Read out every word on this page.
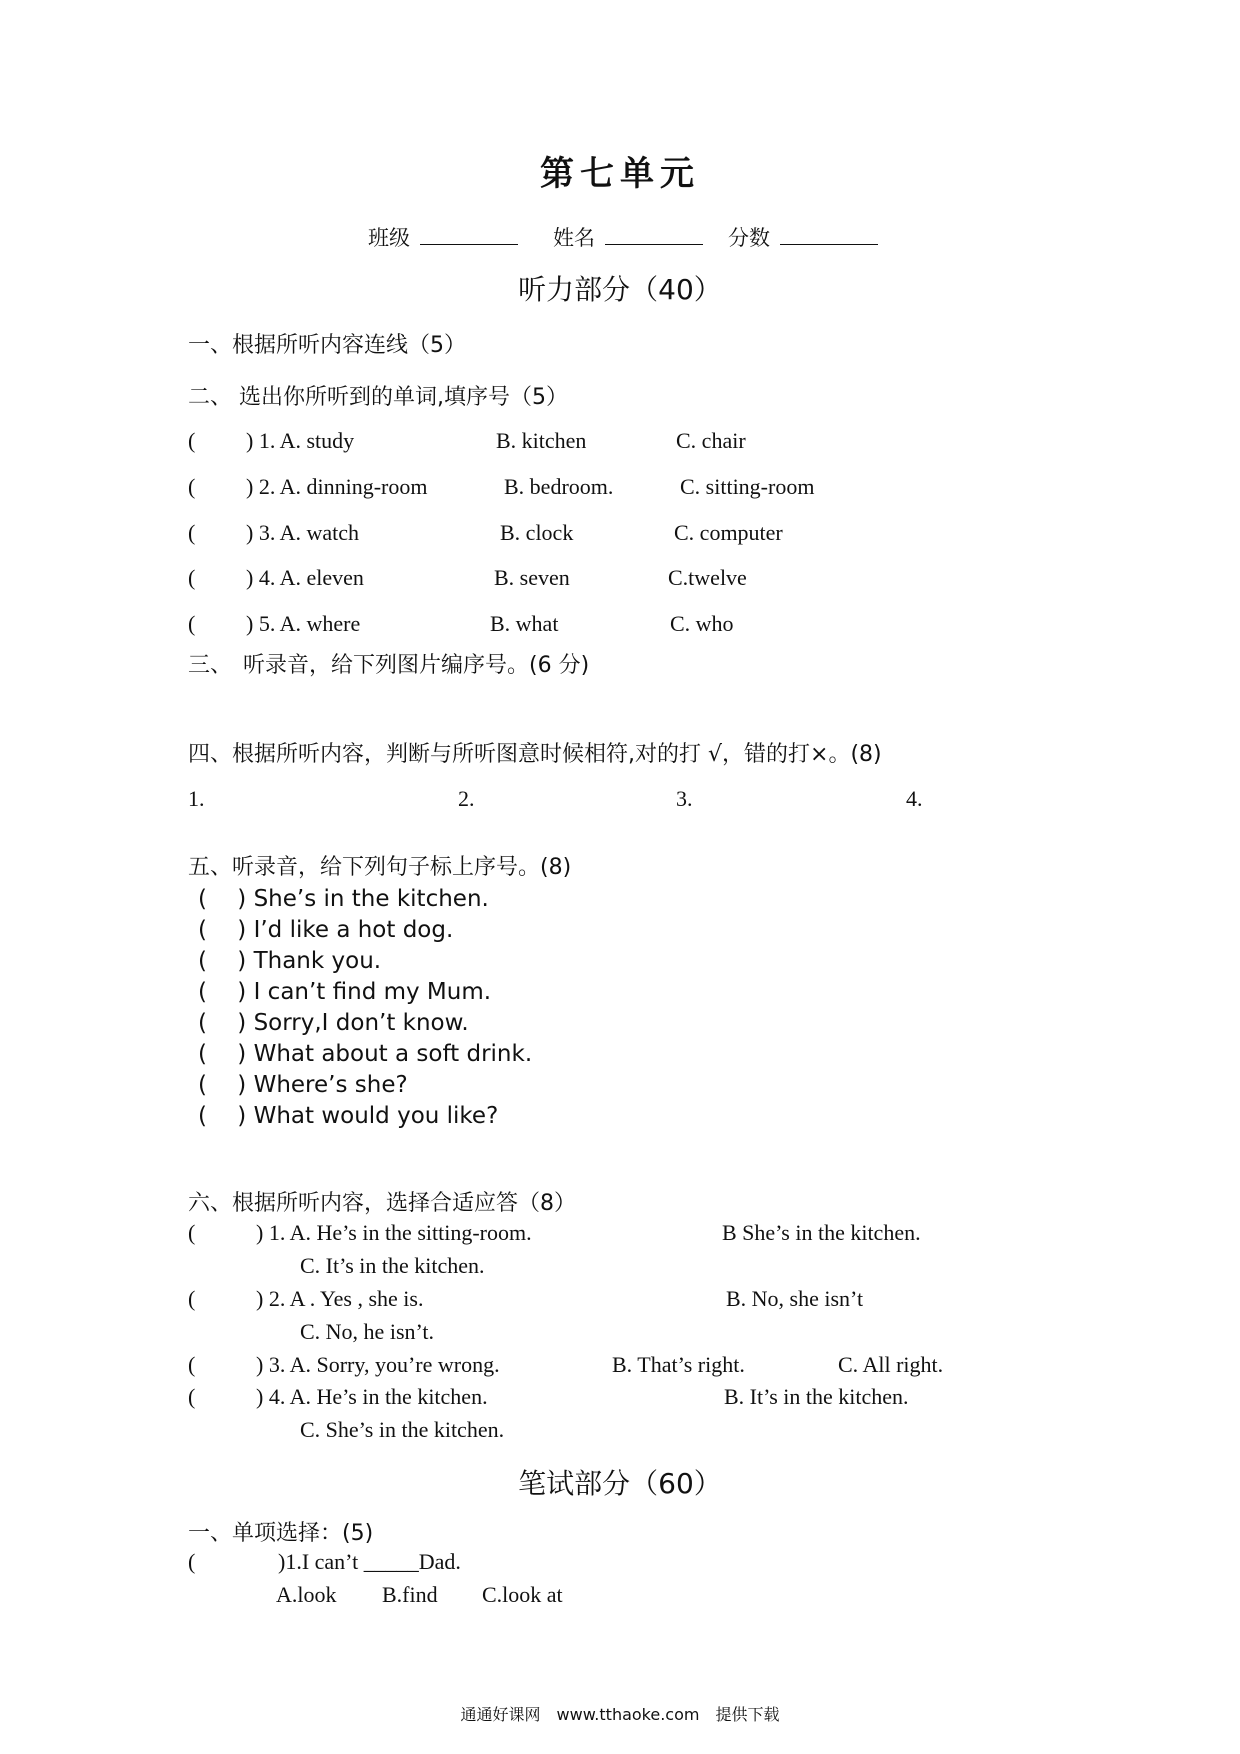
第七单元
班级	姓名	分数
听力部分（40）
一、根据所听内容连线（5）
二、 选出你所听到的单词,填序号（5）
( ) 1. A. study	B. kitchen	C. chair
( ) 2. A. dinning-room	B. bedroom.	C. sitting-room
( ) 3. A. watch	B. clock	C. computer
( ) 4. A. eleven	B. seven	C.twelve
( ) 5. A. where	B. what	C. who
三、　听录音，给下列图片编序号。(6 分)
四、根据所听内容，判断与所听图意时候相符,对的打 √，错的打×。(8)
1.	2.	3.	4.
五、听录音，给下列句子标上序号。(8)
(　 ) She’s in the kitchen.
(　 ) I’d like a hot dog.
(　 ) Thank you.
(　 ) I can’t find my Mum.
(　 ) Sorry,I don’t know.
(　 ) What about a soft drink.
(　 ) Where’s she?
(　 ) What would you like?
六、根据所听内容，选择合适应答（8）
(	) 1. A. He’s in the sitting-room.	B She’s in the kitchen.
C. It’s in the kitchen.
(	) 2. A . Yes , she is.	B. No, she isn’t
C. No, he isn’t.
(	) 3. A. Sorry, you’re wrong.	B. That’s right.	C. All right.
(	) 4. A. He’s in the kitchen.	B. It’s in the kitchen.
C. She’s in the kitchen.
笔试部分（60）
一、单项选择：(5)
(	)1.I can’t _____Dad.
A.look B.find C.look at
通通好课网　www.tthaoke.com　提供下载
